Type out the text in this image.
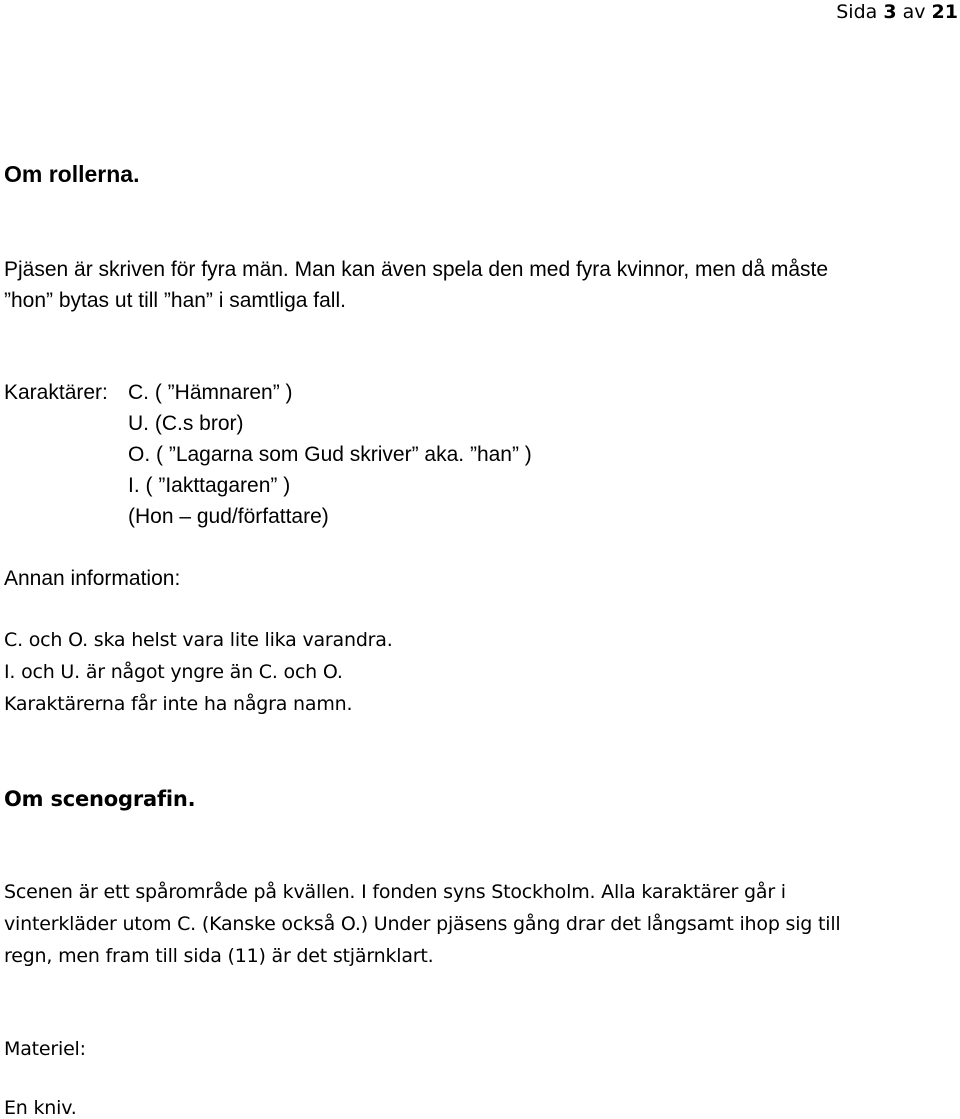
Sida 3 av 21
Om rollerna.
Pjäsen är skriven för fyra män. Man kan även spela den med fyra kvinnor, men då måste
”hon” bytas ut till ”han” i samtliga fall.
Karaktärer: C. ( ”Hämnaren” )
U. (C.s bror)
O. ( ”Lagarna som Gud skriver” aka. ”han” )
I. ( ”Iakttagaren” )
(Hon – gud/författare)
Annan information:
C. och O. ska helst vara lite lika varandra.
I. och U. är något yngre än C. och O.
Karaktärerna får inte ha några namn.
Om scenografin.
Scenen är ett spårområde på kvällen. I fonden syns Stockholm. Alla karaktärer går i
vinterkläder utom C. (Kanske också O.) Under pjäsens gång drar det långsamt ihop sig till
regn, men fram till sida (11) är det stjärnklart.
Materiel:
En kniv.
